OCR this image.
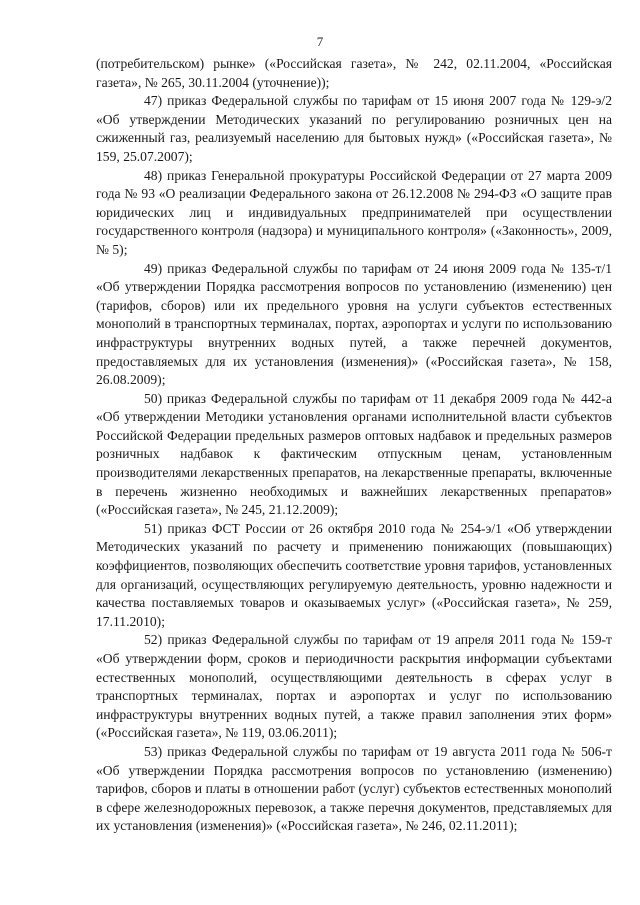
7

(потребительском) рынке» («Российская газета», № 242, 02.11.2004, «Российская газета», № 265, 30.11.2004 (уточнение));

47) приказ Федеральной службы по тарифам от 15 июня 2007 года № 129-э/2 «Об утверждении Методических указаний по регулированию розничных цен на сжиженный газ, реализуемый населению для бытовых нужд» («Российская газета», № 159, 25.07.2007);

48) приказ Генеральной прокуратуры Российской Федерации от 27 марта 2009 года № 93 «О реализации Федерального закона от 26.12.2008 № 294-ФЗ «О защите прав юридических лиц и индивидуальных предпринимателей при осуществлении государственного контроля (надзора) и муниципального контроля» («Законность», 2009, № 5);

49) приказ Федеральной службы по тарифам от 24 июня 2009 года № 135-т/1 «Об утверждении Порядка рассмотрения вопросов по установлению (изменению) цен (тарифов, сборов) или их предельного уровня на услуги субъектов естественных монополий в транспортных терминалах, портах, аэропортах и услуги по использованию инфраструктуры внутренних водных путей, а также перечней документов, предоставляемых для их установления (изменения)» («Российская газета», № 158, 26.08.2009);

50) приказ Федеральной службы по тарифам от 11 декабря 2009 года № 442-а «Об утверждении Методики установления органами исполнительной власти субъектов Российской Федерации предельных размеров оптовых надбавок и предельных размеров розничных надбавок к фактическим отпускным ценам, установленным производителями лекарственных препаратов, на лекарственные препараты, включенные в перечень жизненно необходимых и важнейших лекарственных препаратов» («Российская газета», № 245, 21.12.2009);

51) приказ ФСТ России от 26 октября 2010 года № 254-э/1 «Об утверждении Методических указаний по расчету и применению понижающих (повышающих) коэффициентов, позволяющих обеспечить соответствие уровня тарифов, установленных для организаций, осуществляющих регулируемую деятельность, уровню надежности и качества поставляемых товаров и оказываемых услуг» («Российская газета», № 259, 17.11.2010);

52) приказ Федеральной службы по тарифам от 19 апреля 2011 года № 159-т «Об утверждении форм, сроков и периодичности раскрытия информации субъектами естественных монополий, осуществляющими деятельность в сферах услуг в транспортных терминалах, портах и аэропортах и услуг по использованию инфраструктуры внутренних водных путей, а также правил заполнения этих форм» («Российская газета», № 119, 03.06.2011);

53) приказ Федеральной службы по тарифам от 19 августа 2011 года № 506-т «Об утверждении Порядка рассмотрения вопросов по установлению (изменению) тарифов, сборов и платы в отношении работ (услуг) субъектов естественных монополий в сфере железнодорожных перевозок, а также перечня документов, представляемых для их установления (изменения)» («Российская газета», № 246, 02.11.2011);
